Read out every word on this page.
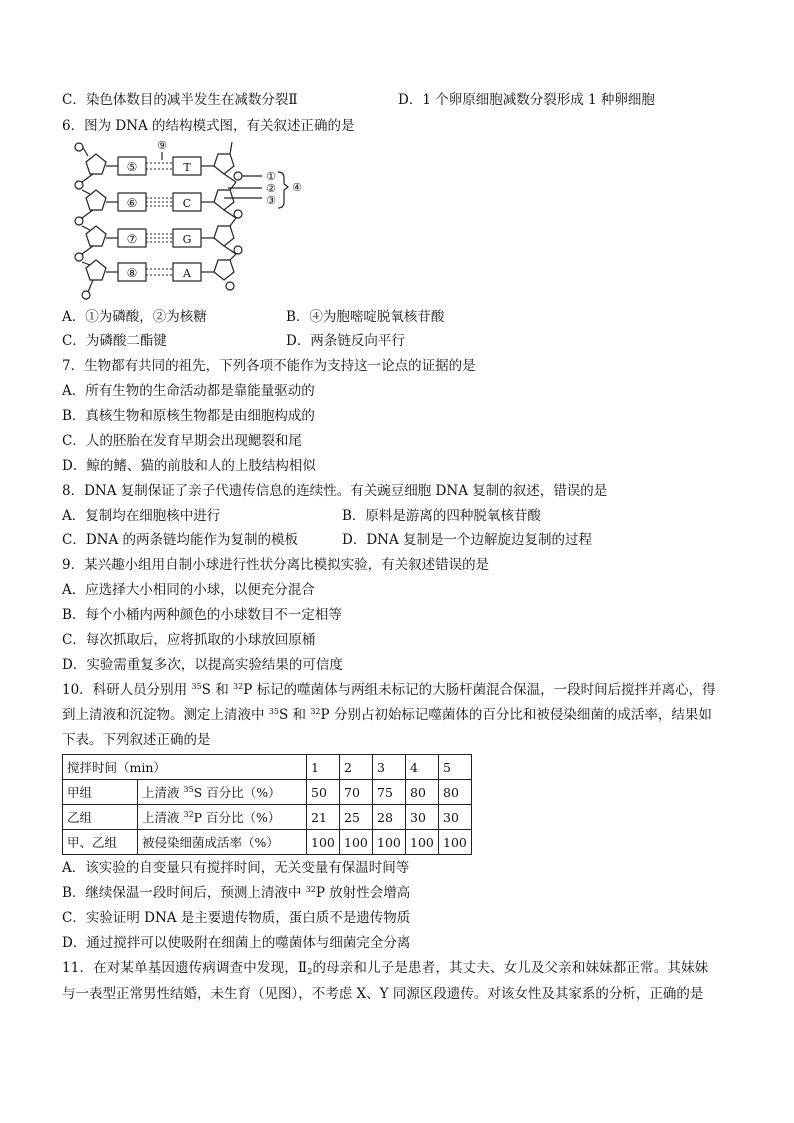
C．染色体数目的减半发生在减数分裂Ⅱ	D．1 个卵原细胞减数分裂形成 1 种卵细胞
6．图为 DNA 的结构模式图，有关叙述正确的是
⑤
⑥
⑦
⑧
T
C
G
A
⑨
①
②
③
④
A．①为磷酸，②为核糖	B．④为胞嘧啶脱氧核苷酸
C．为磷酸二酯键	D．两条链反向平行
7．生物都有共同的祖先，下列各项不能作为支持这一论点的证据的是
A．所有生物的生命活动都是靠能量驱动的
B．真核生物和原核生物都是由细胞构成的
C．人的胚胎在发育早期会出现鳃裂和尾
D．鲸的鳍、猫的前肢和人的上肢结构相似
8．DNA 复制保证了亲子代遗传信息的连续性。有关豌豆细胞 DNA 复制的叙述，错误的是
A．复制均在细胞核中进行	B．原料是游离的四种脱氧核苷酸
C．DNA 的两条链均能作为复制的模板	D．DNA 复制是一个边解旋边复制的过程
9．某兴趣小组用自制小球进行性状分离比模拟实验，有关叙述错误的是
A．应选择大小相同的小球，以便充分混合
B．每个小桶内两种颜色的小球数目不一定相等
C．每次抓取后，应将抓取的小球放回原桶
D．实验需重复多次，以提高实验结果的可信度
10．科研人员分别用 $^{35}$S 和 $^{32}$P 标记的噬菌体与两组未标记的大肠杆菌混合保温，一段时间后搅拌并离心，得
到上清液和沉淀物。测定上清液中 $^{35}$S 和 $^{32}$P 分别占初始标记噬菌体的百分比和被侵染细菌的成活率，结果如
下表。下列叙述正确的是
搅拌时间（min）		1	2	3	4	5
甲组	上清液 $^{35}$S 百分比（%）	50	70	75	80	80
乙组	上清液 $^{32}$P 百分比（%）	21	25	28	30	30
甲、乙组	被侵染细菌成活率（%）	100	100	100	100	100
A．该实验的自变量只有搅拌时间，无关变量有保温时间等
B．继续保温一段时间后，预测上清液中 $^{32}$P 放射性会增高
C．实验证明 DNA 是主要遗传物质，蛋白质不是遗传物质
D．通过搅拌可以使吸附在细菌上的噬菌体与细菌完全分离
11．在对某单基因遗传病调查中发现，$Ⅱ_2$的母亲和儿子是患者，其丈夫、女儿及父亲和妹妹都正常。其妹妹
与一表型正常男性结婚，未生育（见图），不考虑 X、Y 同源区段遗传。对该女性及其家系的分析，正确的是
